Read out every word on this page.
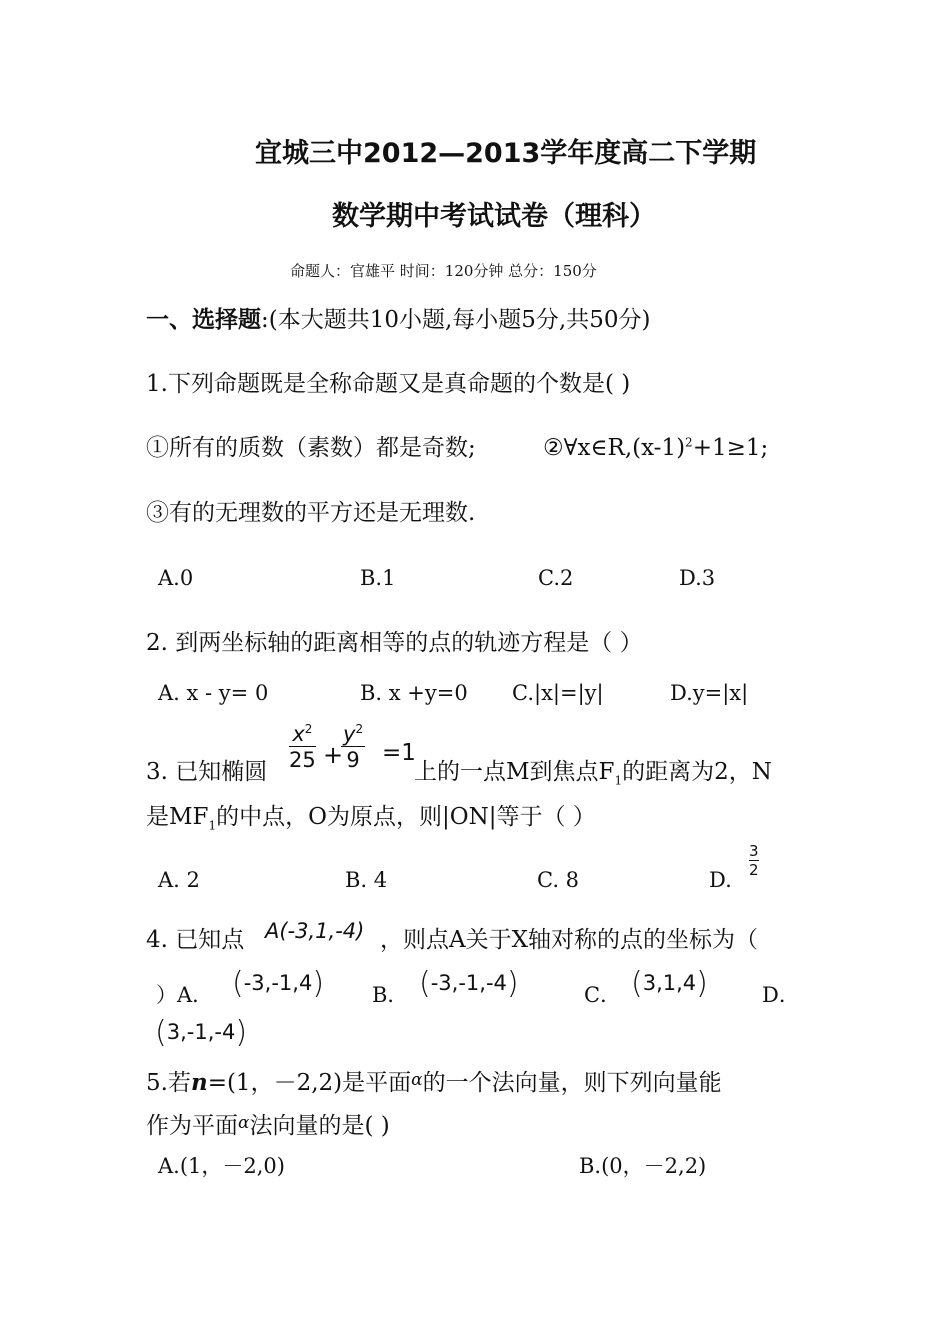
宜城三中2012—2013学年度高二下学期
数学期中考试试卷（理科）
命题人：官雄平 时间：120分钟 总分：150分
一、选择题:(本大题共10小题,每小题5分,共50分)
1.下列命题既是全称命题又是真命题的个数是( )
①所有的质数（素数）都是奇数;	$②\forall x\in R,(x-1)^2+1\ge 1$;
③有的无理数的平方还是无理数.
A.0	B.1	C.2	D.3
2. 到两坐标轴的距离相等的点的轨迹方程是（ ）
A. x - y= 0	B. x +y=0 C.|x|=|y|	D.y=|x|
3. 已知椭圆 $\frac{x^2}{25}$ +
$\frac{y^2}{9} =1$
上的一点M到焦点$F_1$的距离为2，N
是$MF_1$的中点，O为原点，则|ON|等于（ ）
A. 2	B. 4	C. 8	D.
$\frac{3}{2}$
4. 已知点 A(-3,1,-4) ，则点A关于X轴对称的点的坐标为（
）A． (-3,-1,4) B． (-3,-1,-4)	C． (3,1,4)	D．
(3,-1,-4)
5.若n=(1，－2,2)是平面$^\alpha$的一个法向量，则下列向量能
作为平面$^\alpha$法向量的是( )
A.(1，－2,0)	B.(0，－2,2)
